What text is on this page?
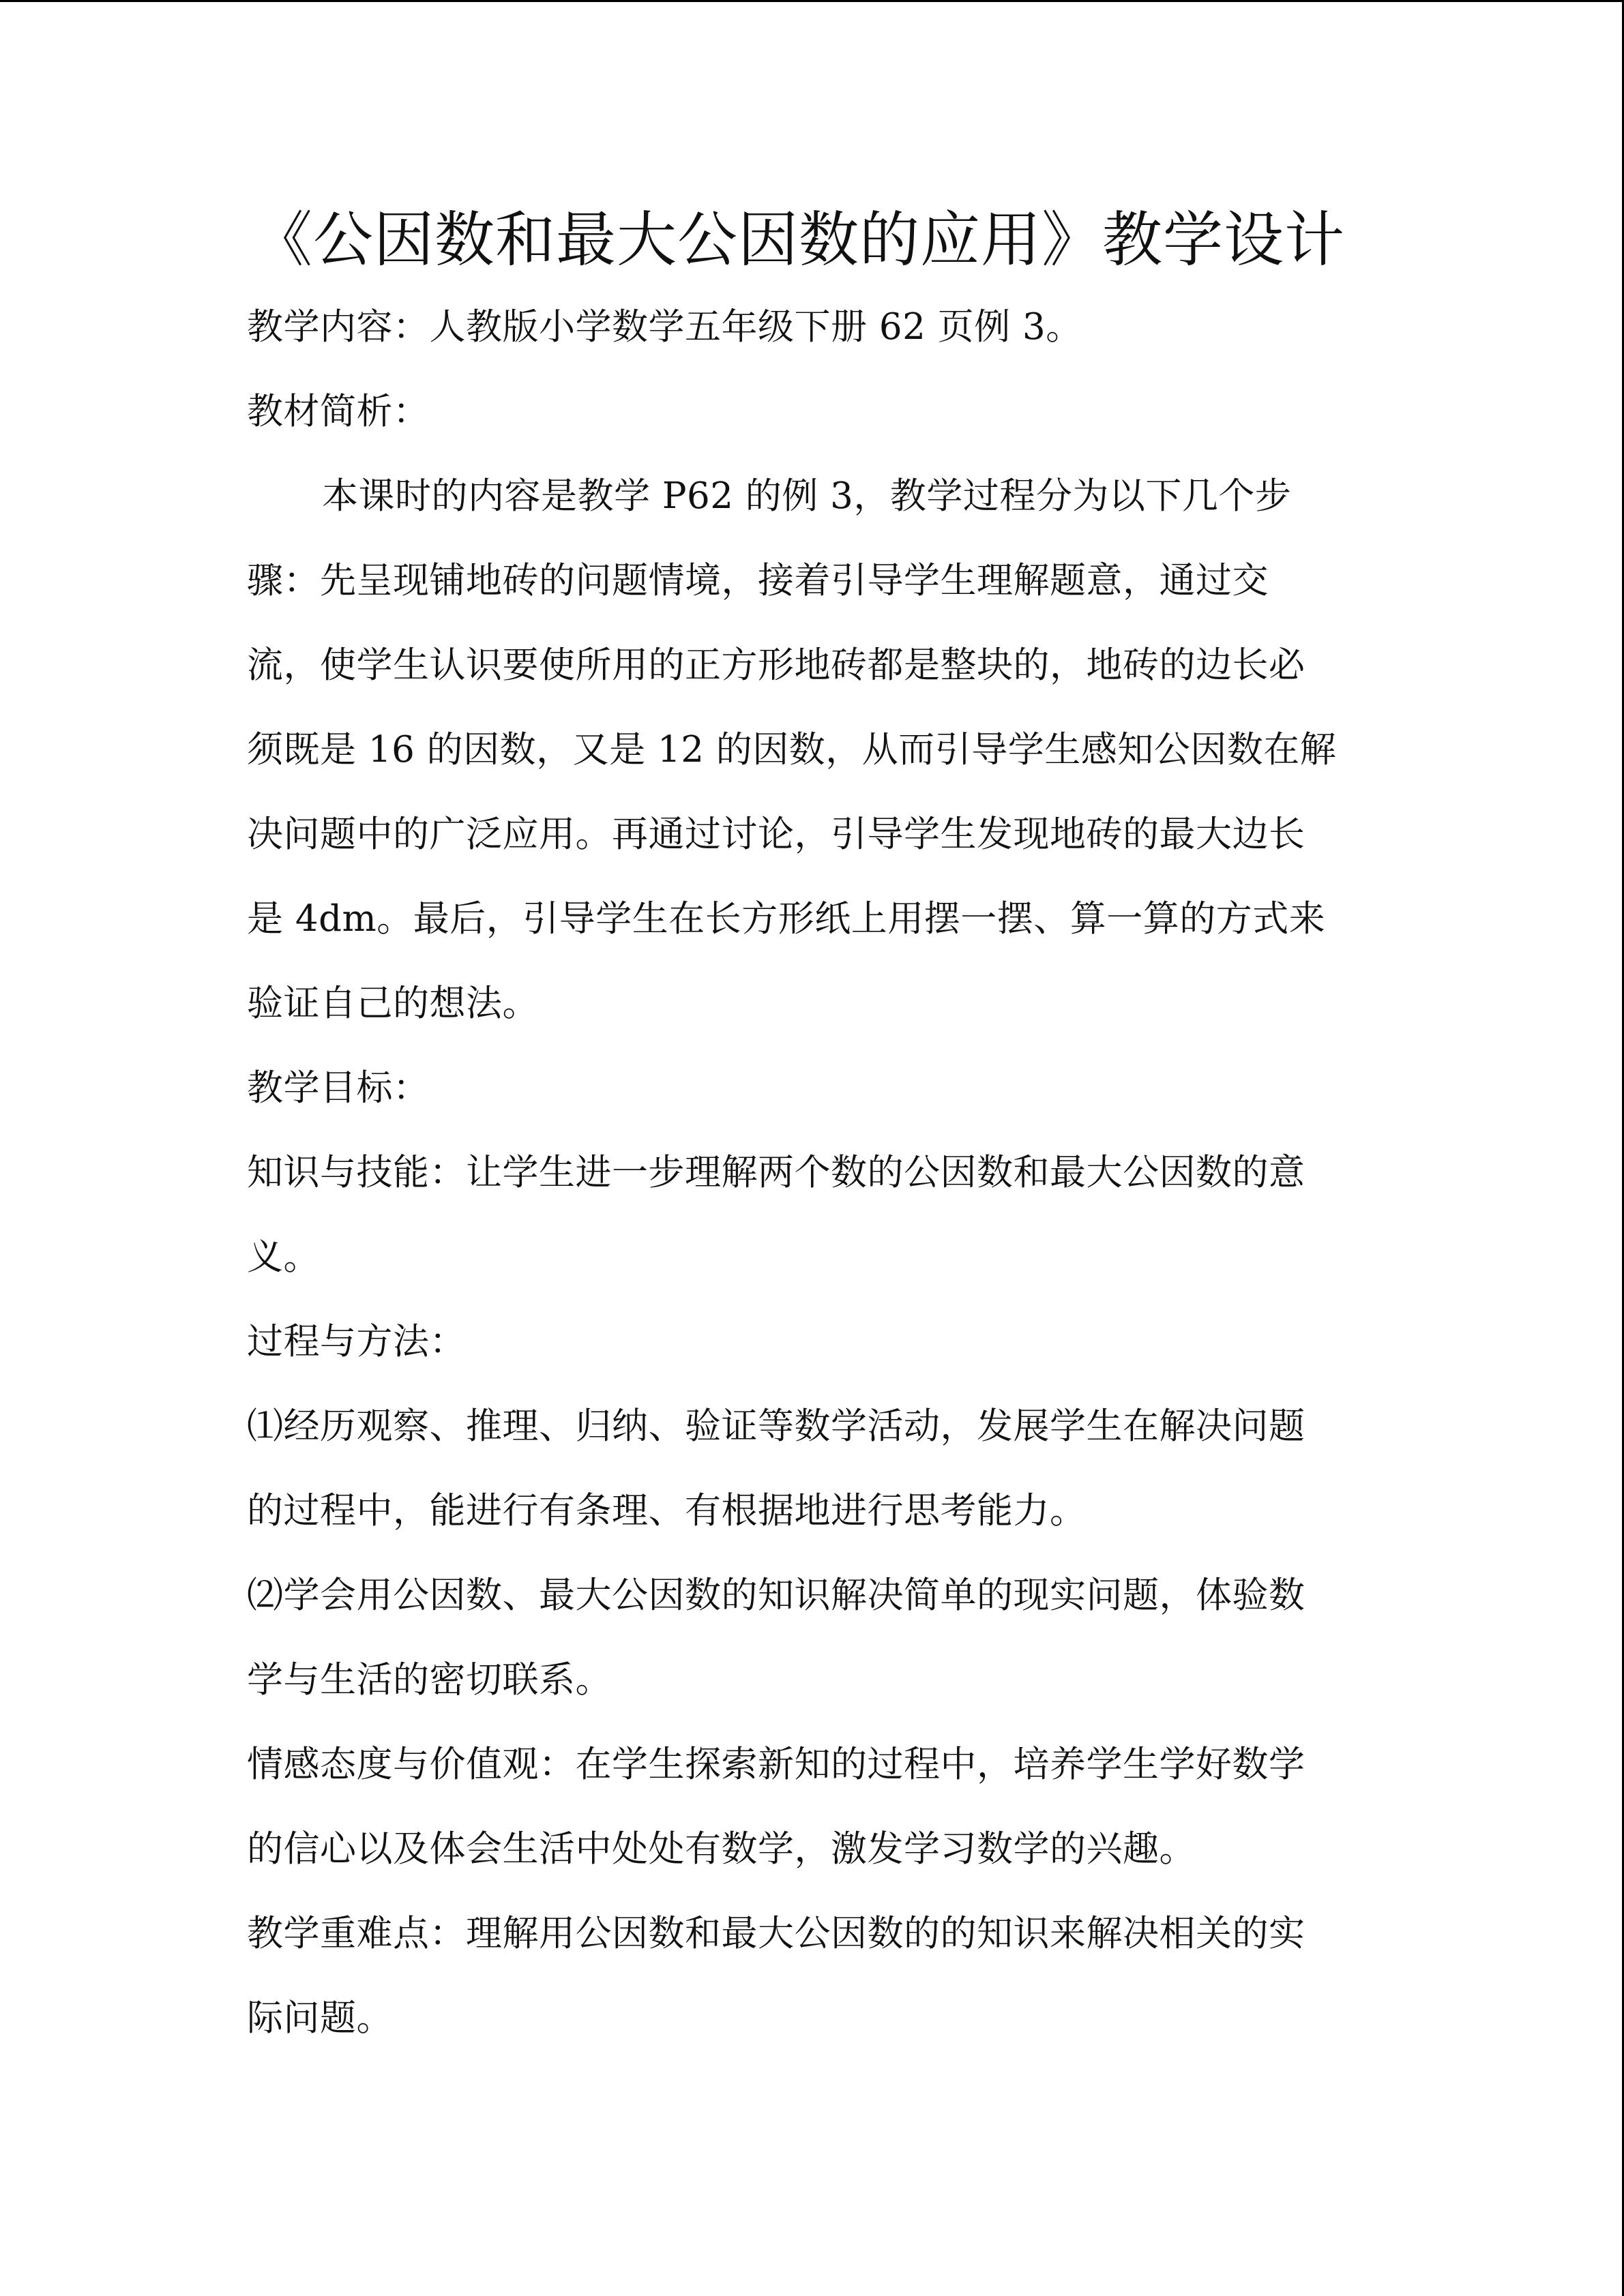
《公因数和最大公因数的应用》教学设计
教学内容：人教版小学数学五年级下册 62 页例 3。
教材简析：
本课时的内容是教学 P62 的例 3，教学过程分为以下几个步
骤：先呈现铺地砖的问题情境，接着引导学生理解题意，通过交
流，使学生认识要使所用的正方形地砖都是整块的，地砖的边长必
须既是 16 的因数，又是 12 的因数，从而引导学生感知公因数在解
决问题中的广泛应用。再通过讨论，引导学生发现地砖的最大边长
是 4dm。最后，引导学生在长方形纸上用摆一摆、算一算的方式来
验证自己的想法。
教学目标：
知识与技能：让学生进一步理解两个数的公因数和最大公因数的意
义。
过程与方法：
⑴经历观察、推理、归纳、验证等数学活动，发展学生在解决问题
的过程中，能进行有条理、有根据地进行思考能力。
⑵学会用公因数、最大公因数的知识解决简单的现实问题，体验数
学与生活的密切联系。
情感态度与价值观：在学生探索新知的过程中，培养学生学好数学
的信心以及体会生活中处处有数学，激发学习数学的兴趣。
教学重难点：理解用公因数和最大公因数的的知识来解决相关的实
际问题。
